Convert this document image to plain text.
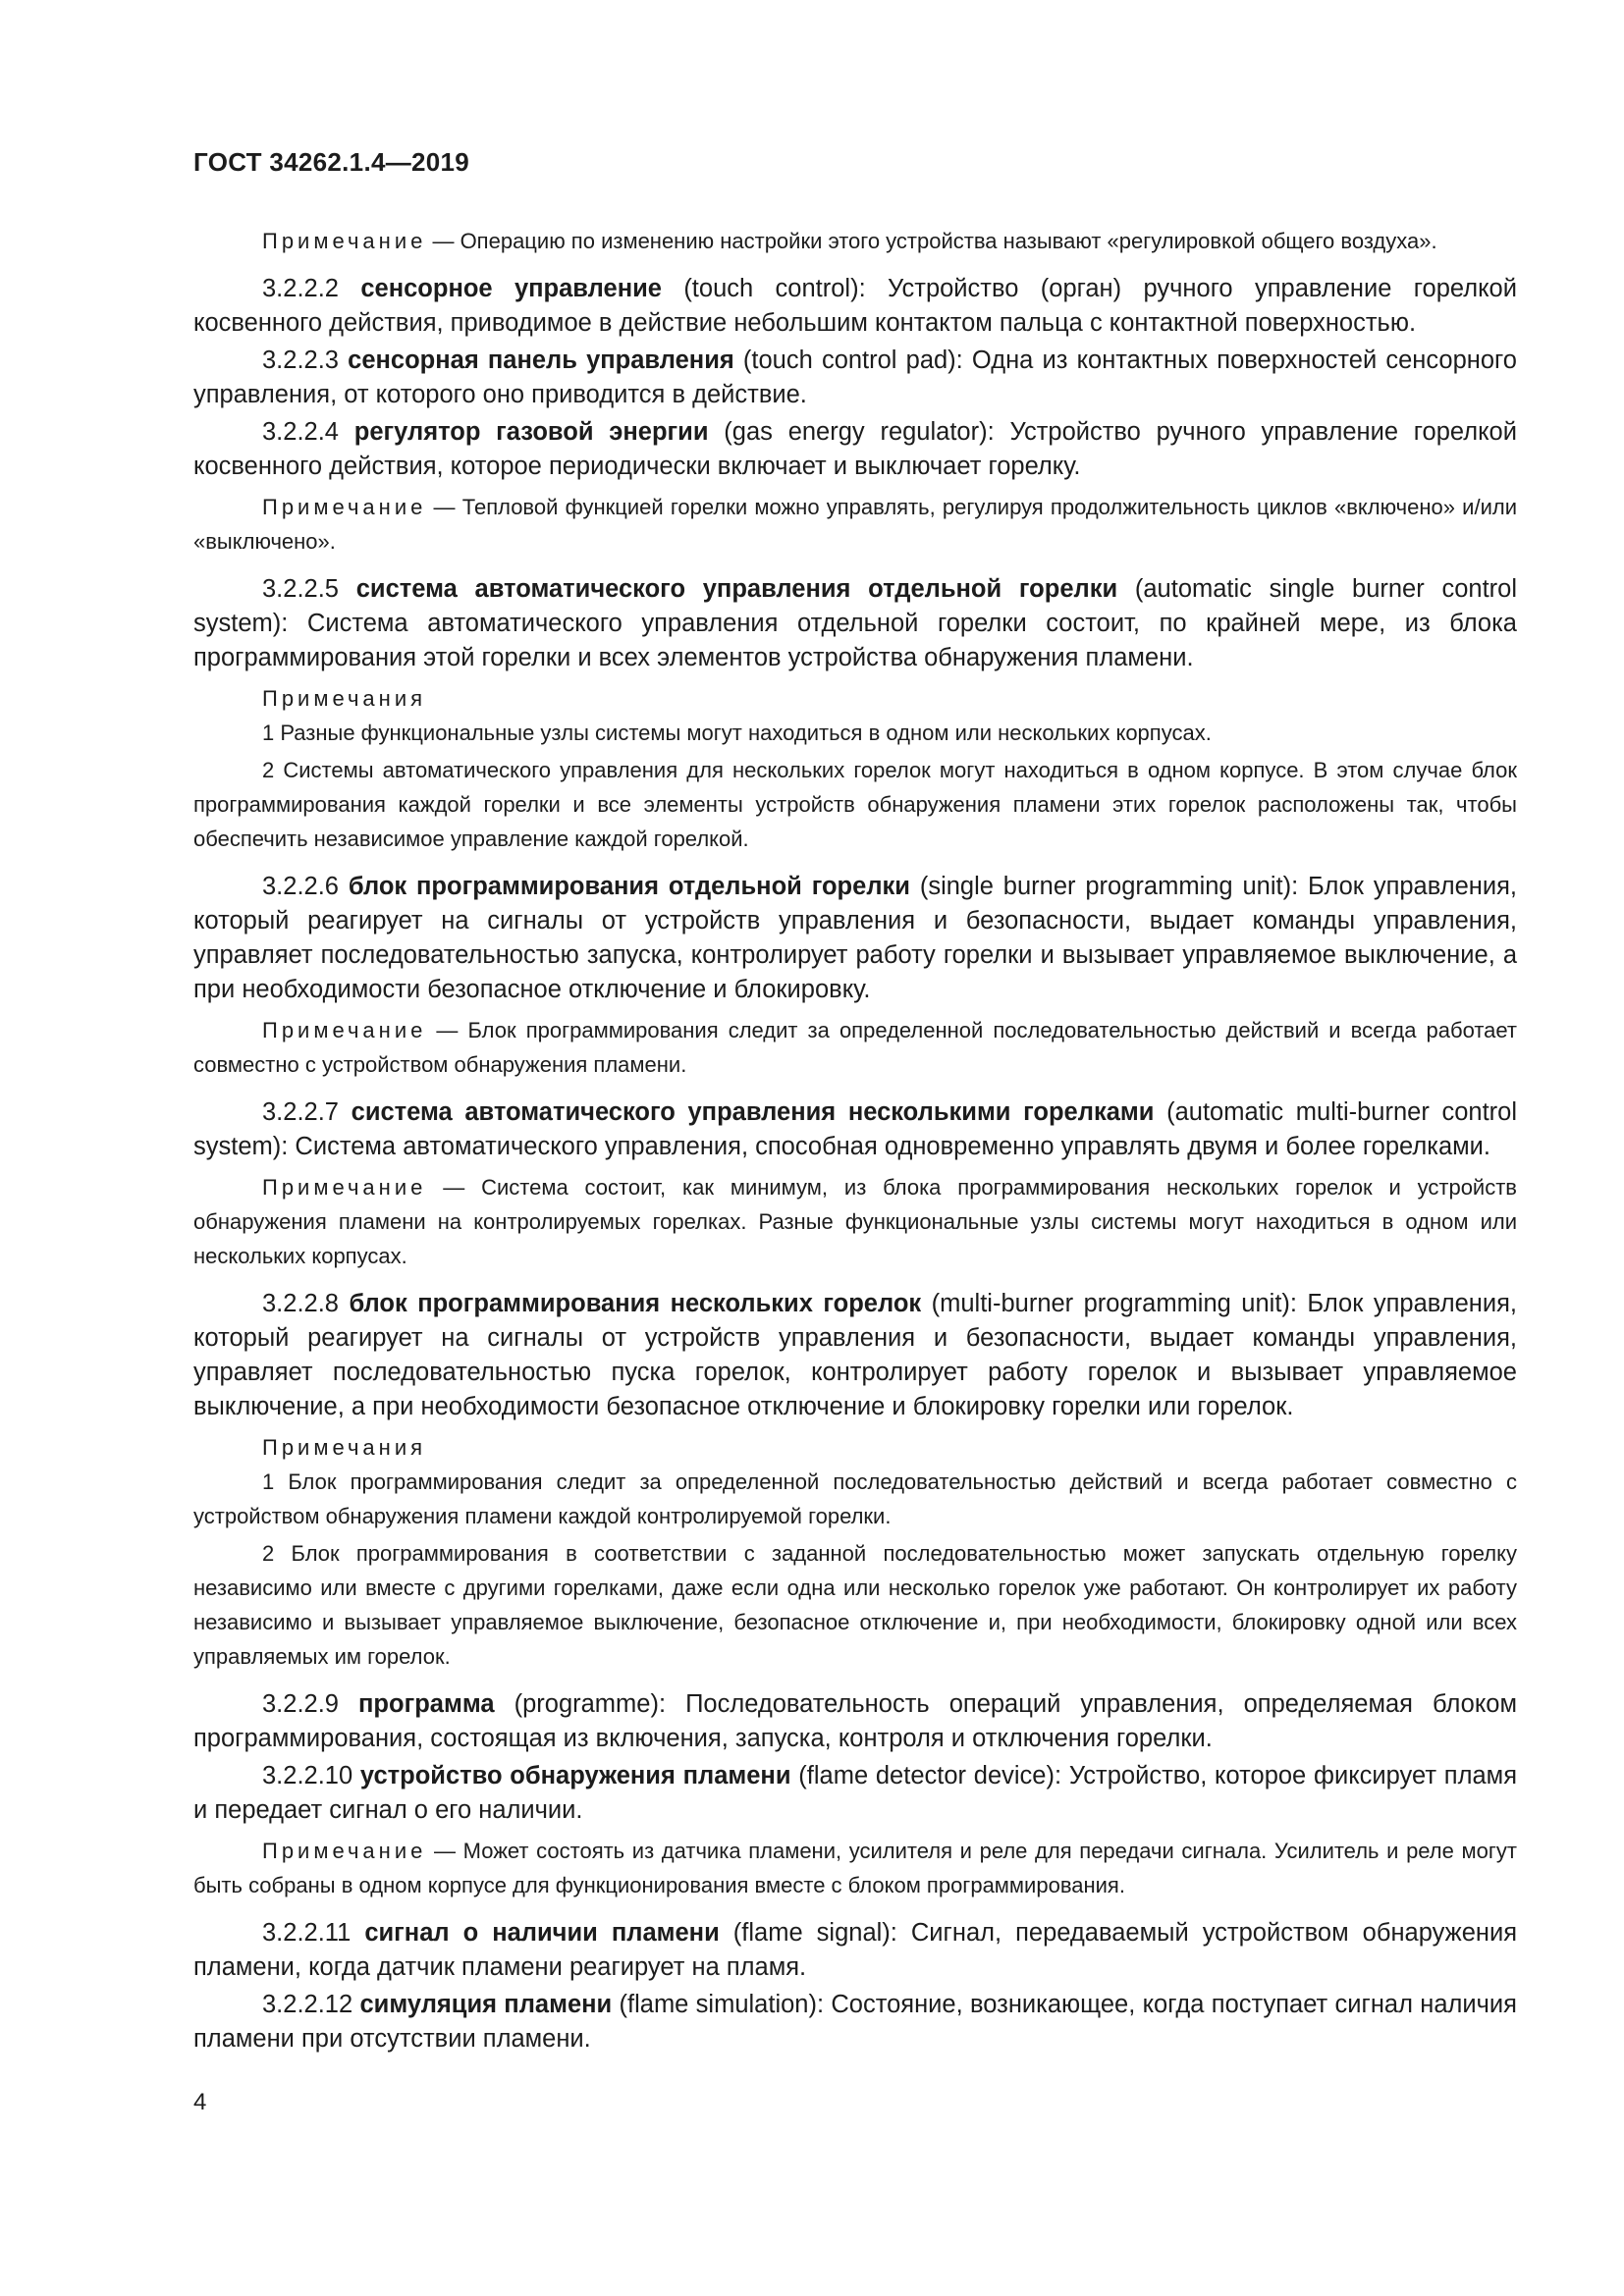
ГОСТ 34262.1.4—2019

Примечание — Операцию по изменению настройки этого устройства называют «регулировкой общего воздуха».

3.2.2.2 сенсорное управление (touch control): Устройство (орган) ручного управление горелкой косвенного действия, приводимое в действие небольшим контактом пальца с контактной поверхностью.

3.2.2.3 сенсорная панель управления (touch control pad): Одна из контактных поверхностей сенсорного управления, от которого оно приводится в действие.

3.2.2.4 регулятор газовой энергии (gas energy regulator): Устройство ручного управление горелкой косвенного действия, которое периодически включает и выключает горелку.

Примечание — Тепловой функцией горелки можно управлять, регулируя продолжительность циклов «включено» и/или «выключено».

3.2.2.5 система автоматического управления отдельной горелки (automatic single burner control system): Система автоматического управления отдельной горелки состоит, по крайней мере, из блока программирования этой горелки и всех элементов устройства обнаружения пламени.

Примечания

1 Разные функциональные узлы системы могут находиться в одном или нескольких корпусах.

2 Системы автоматического управления для нескольких горелок могут находиться в одном корпусе. В этом случае блок программирования каждой горелки и все элементы устройств обнаружения пламени этих горелок расположены так, чтобы обеспечить независимое управление каждой горелкой.

3.2.2.6 блок программирования отдельной горелки (single burner programming unit): Блок управления, который реагирует на сигналы от устройств управления и безопасности, выдает команды управления, управляет последовательностью запуска, контролирует работу горелки и вызывает управляемое выключение, а при необходимости безопасное отключение и блокировку.

Примечание — Блок программирования следит за определенной последовательностью действий и всегда работает совместно с устройством обнаружения пламени.

3.2.2.7 система автоматического управления несколькими горелками (automatic multi-burner control system): Система автоматического управления, способная одновременно управлять двумя и более горелками.

Примечание — Система состоит, как минимум, из блока программирования нескольких горелок и устройств обнаружения пламени на контролируемых горелках. Разные функциональные узлы системы могут находиться в одном или нескольких корпусах.

3.2.2.8 блок программирования нескольких горелок (multi-burner programming unit): Блок управления, который реагирует на сигналы от устройств управления и безопасности, выдает команды управления, управляет последовательностью пуска горелок, контролирует работу горелок и вызывает управляемое выключение, а при необходимости безопасное отключение и блокировку горелки или горелок.

Примечания

1 Блок программирования следит за определенной последовательностью действий и всегда работает совместно с устройством обнаружения пламени каждой контролируемой горелки.

2 Блок программирования в соответствии с заданной последовательностью может запускать отдельную горелку независимо или вместе с другими горелками, даже если одна или несколько горелок уже работают. Он контролирует их работу независимо и вызывает управляемое выключение, безопасное отключение и, при необходимости, блокировку одной или всех управляемых им горелок.

3.2.2.9 программа (programme): Последовательность операций управления, определяемая блоком программирования, состоящая из включения, запуска, контроля и отключения горелки.

3.2.2.10 устройство обнаружения пламени (flame detector device): Устройство, которое фиксирует пламя и передает сигнал о его наличии.

Примечание — Может состоять из датчика пламени, усилителя и реле для передачи сигнала. Усилитель и реле могут быть собраны в одном корпусе для функционирования вместе с блоком программирования.

3.2.2.11 сигнал о наличии пламени (flame signal): Сигнал, передаваемый устройством обнаружения пламени, когда датчик пламени реагирует на пламя.

3.2.2.12 симуляция пламени (flame simulation): Состояние, возникающее, когда поступает сигнал наличия пламени при отсутствии пламени.

4
